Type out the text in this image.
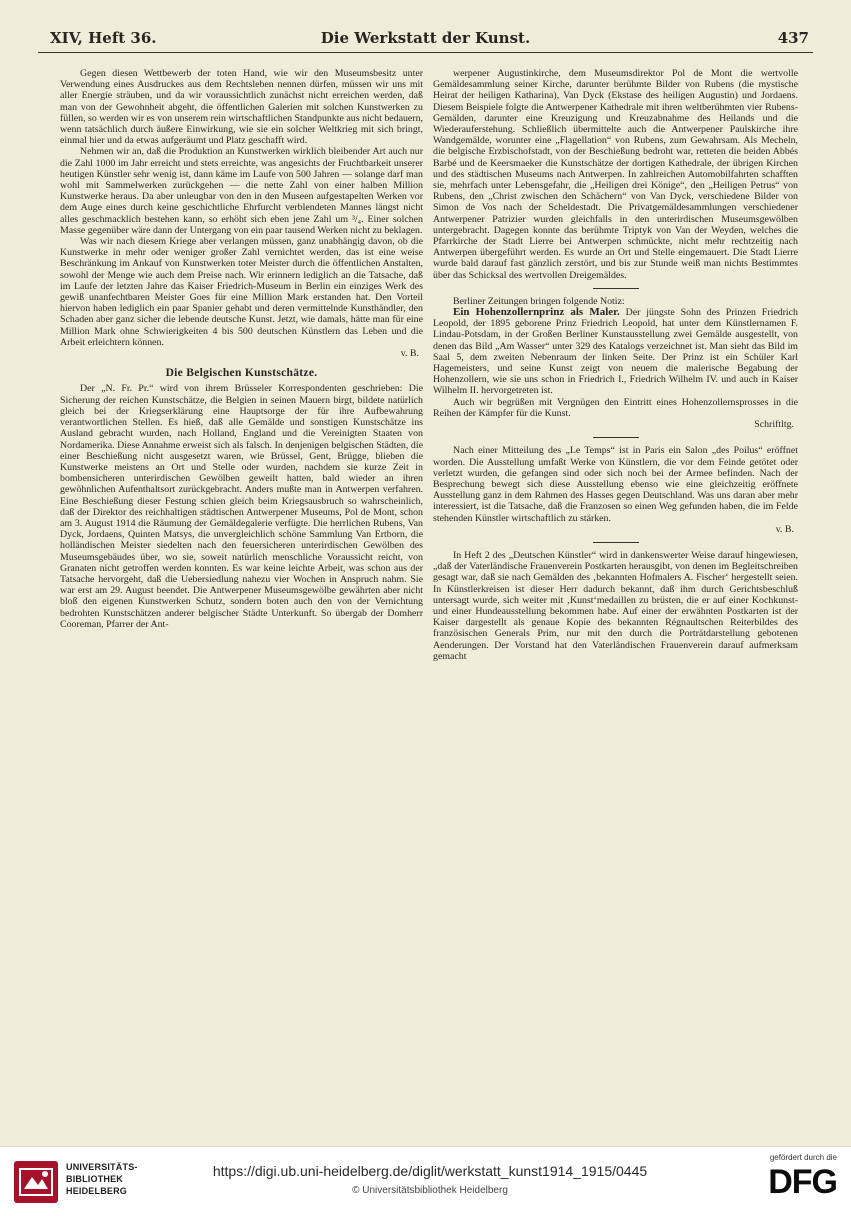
XIV, Heft 36.	Die Werkstatt der Kunst.	437

Gegen diesen Wettbewerb der toten Hand, wie wir den Museumsbesitz unter Verwendung eines Ausdruckes aus dem Rechtsleben nennen dürfen, müssen wir uns mit aller Energie sträuben, und da wir voraussichtlich zunächst nicht erreichen werden, daß man von der Gewohnheit abgeht, die öffentlichen Galerien mit solchen Kunstwerken zu füllen, so werden wir es von unserem rein wirtschaftlichen Standpunkte aus nicht bedauern, wenn tatsächlich durch äußere Einwirkung, wie sie ein solcher Weltkrieg mit sich bringt, einmal hier und da etwas aufgeräumt und Platz geschafft wird.

Nehmen wir an, daß die Produktion an Kunstwerken wirklich bleibender Art auch nur die Zahl 1000 im Jahr erreicht und stets erreichte, was angesichts der Fruchtbarkeit unserer heutigen Künstler sehr wenig ist, dann käme im Laufe von 500 Jahren — solange darf man wohl mit Sammelwerken zurückgehen — die nette Zahl von einer halben Million Kunstwerke heraus. Da aber unleugbar von den in den Museen aufgestapelten Werken vor dem Auge eines durch keine geschichtliche Ehrfurcht verblendeten Mannes längst nicht alles geschmacklich bestehen kann, so erhöht sich eben jene Zahl um ³/₄. Einer solchen Masse gegenüber wäre dann der Untergang von ein paar tausend Werken nicht zu beklagen.

Was wir nach diesem Kriege aber verlangen müssen, ganz unabhängig davon, ob die Kunstwerke in mehr oder weniger großer Zahl vernichtet werden, das ist eine weise Beschränkung im Ankauf von Kunstwerken toter Meister durch die öffentlichen Anstalten, sowohl der Menge wie auch dem Preise nach. Wir erinnern lediglich an die Tatsache, daß im Laufe der letzten Jahre das Kaiser Friedrich-Museum in Berlin ein einziges Werk des gewiß unanfechtbaren Meister Goes für eine Million Mark erstanden hat. Den Vorteil hiervon haben lediglich ein paar Spanier gehabt und deren vermittelnde Kunsthändler, den Schaden aber ganz sicher die lebende deutsche Kunst. Jetzt, wie damals, hätte man für eine Million Mark ohne Schwierigkeiten 4 bis 500 deutschen Künstlern das Leben und die Arbeit erleichtern können.

v. B.
Die Belgischen Kunstschätze.

Der „N. Fr. Pr.“ wird von ihrem Brüsseler Korrespondenten geschrieben: Die Sicherung der reichen Kunstschätze, die Belgien in seinen Mauern birgt, bildete natürlich gleich bei der Kriegserklärung eine Hauptsorge der für ihre Aufbewahrung verantwortlichen Stellen. Es hieß, daß alle Gemälde und sonstigen Kunstschätze ins Ausland gebracht wurden, nach Holland, England und die Vereinigten Staaten von Nordamerika. Diese Annahme erweist sich als falsch. In denjenigen belgischen Städten, die einer Beschießung nicht ausgesetzt waren, wie Brüssel, Gent, Brügge, blieben die Kunstwerke meistens an Ort und Stelle oder wurden, nachdem sie kurze Zeit in bombensicheren unterirdischen Gewölben geweilt hatten, bald wieder an ihren gewöhnlichen Aufenthaltsort zurückgebracht. Anders mußte man in Antwerpen verfahren. Eine Beschießung dieser Festung schien gleich beim Kriegsausbruch so wahrscheinlich, daß der Direktor des reichhaltigen städtischen Antwerpener Museums, Pol de Mont, schon am 3. August 1914 die Räumung der Gemäldegalerie verfügte. Die herrlichen Rubens, Van Dyck, Jordaens, Quinten Matsys, die unvergleichlich schöne Sammlung Van Ertborn, die holländischen Meister siedelten nach den feuersicheren unterirdischen Gewölben des Museumsgebäudes über, wo sie, soweit natürlich menschliche Voraussicht reicht, von Granaten nicht getroffen werden konnten. Es war keine leichte Arbeit, was schon aus der Tatsache hervorgeht, daß die Uebersiedlung nahezu vier Wochen in Anspruch nahm. Sie war erst am 29. August beendet. Die Antwerpener Museumsgewölbe gewährten aber nicht bloß den eigenen Kunstwerken Schutz, sondern boten auch den von der Vernichtung bedrohten Kunstschätzen anderer belgischer Städte Unterkunft. So übergab der Domherr Cooreman, Pfarrer der Ant-

werpener Augustinkirche, dem Museumsdirektor Pol de Mont die wertvolle Gemäldesammlung seiner Kirche, darunter berühmte Bilder von Rubens (die mystische Heirat der heiligen Katharina), Van Dyck (Ekstase des heiligen Augustin) und Jordaens. Diesem Beispiele folgte die Antwerpener Kathedrale mit ihren weltberühmten vier Rubens-Gemälden, darunter eine Kreuzigung und Kreuzabnahme des Heilands und die Wiederauferstehung. Schließlich übermittelte auch die Antwerpener Paulskirche ihre Wandgemälde, worunter eine „Flagellation“ von Rubens, zum Gewahrsam. Als Mecheln, die belgische Erzbischofstadt, von der Beschießung bedroht war, retteten die beiden Abbés Barbé und de Keersmaeker die Kunstschätze der dortigen Kathedrale, der übrigen Kirchen und des städtischen Museums nach Antwerpen. In zahlreichen Automobilfahrten schafften sie, mehrfach unter Lebensgefahr, die „Heiligen drei Könige“, den „Heiligen Petrus“ von Rubens, den „Christ zwischen den Schächern“ von Van Dyck, verschiedene Bilder von Simon de Vos nach der Scheldestadt. Die Privatgemäldesammlungen verschiedener Antwerpener Patrizier wurden gleichfalls in den unterirdischen Museumsgewölben untergebracht. Dagegen konnte das berühmte Triptyk von Van der Weyden, welches die Pfarrkirche der Stadt Lierre bei Antwerpen schmückte, nicht mehr rechtzeitig nach Antwerpen übergeführt werden. Es wurde an Ort und Stelle eingemauert. Die Stadt Lierre wurde bald darauf fast gänzlich zerstört, und bis zur Stunde weiß man nichts Bestimmtes über das Schicksal des wertvollen Dreigemäldes.

Berliner Zeitungen bringen folgende Notiz:

Ein Hohenzollernprinz als Maler. Der jüngste Sohn des Prinzen Friedrich Leopold, der 1895 geborene Prinz Friedrich Leopold, hat unter dem Künstlernamen F. Lindau-Potsdam, in der Großen Berliner Kunstausstellung zwei Gemälde ausgestellt, von denen das Bild „Am Wasser“ unter 329 des Katalogs verzeichnet ist. Man sieht das Bild im Saal 5, dem zweiten Nebenraum der linken Seite. Der Prinz ist ein Schüler Karl Hagemeisters, und seine Kunst zeigt von neuem die malerische Begabung der Hohenzollern, wie sie uns schon in Friedrich I., Friedrich Wilhelm IV. und auch in Kaiser Wilhelm II. hervorgetreten ist.

Auch wir begrüßen mit Vergnügen den Eintritt eines Hohenzollernsprosses in die Reihen der Kämpfer für die Kunst.

Schriftltg.

Nach einer Mitteilung des „Le Temps“ ist in Paris ein Salon „des Poilus“ eröffnet worden. Die Ausstellung umfaßt Werke von Künstlern, die vor dem Feinde getötet oder verletzt wurden, die gefangen sind oder sich noch bei der Armee befinden. Nach der Besprechung bewegt sich diese Ausstellung ebenso wie eine gleichzeitig eröffnete Ausstellung ganz in dem Rahmen des Hasses gegen Deutschland. Was uns daran aber mehr interessiert, ist die Tatsache, daß die Franzosen so einen Weg gefunden haben, die im Felde stehenden Künstler wirtschaftlich zu stärken.

v. B.

In Heft 2 des „Deutschen Künstler“ wird in dankenswerter Weise darauf hingewiesen, „daß der Vaterländische Frauenverein Postkarten herausgibt, von denen im Begleitschreiben gesagt war, daß sie nach Gemälden des ‚bekannten Hofmalers A. Fischer‘ hergestellt seien. In Künstlerkreisen ist dieser Herr dadurch bekannt, daß ihm durch Gerichtsbeschluß untersagt wurde, sich weiter mit ‚Kunst‘medaillen zu brüsten, die er auf einer Kochkunst- und einer Hundeausstellung bekommen habe. Auf einer der erwähnten Postkarten ist der Kaiser dargestellt als genaue Kopie des bekannten Régnaultschen Reiterbildes des französischen Generals Prim, nur mit den durch die Porträtdarstellung gebotenen Aenderungen. Der Vorstand hat den Vaterländischen Frauenverein darauf aufmerksam gemacht

UNIVERSITÄTS-
BIBLIOTHEK
HEIDELBERG
https://digi.ub.uni-heidelberg.de/diglit/werkstatt_kunst1914_1915/0445
© Universitätsbibliothek Heidelberg
gefördert durch die
DFG
